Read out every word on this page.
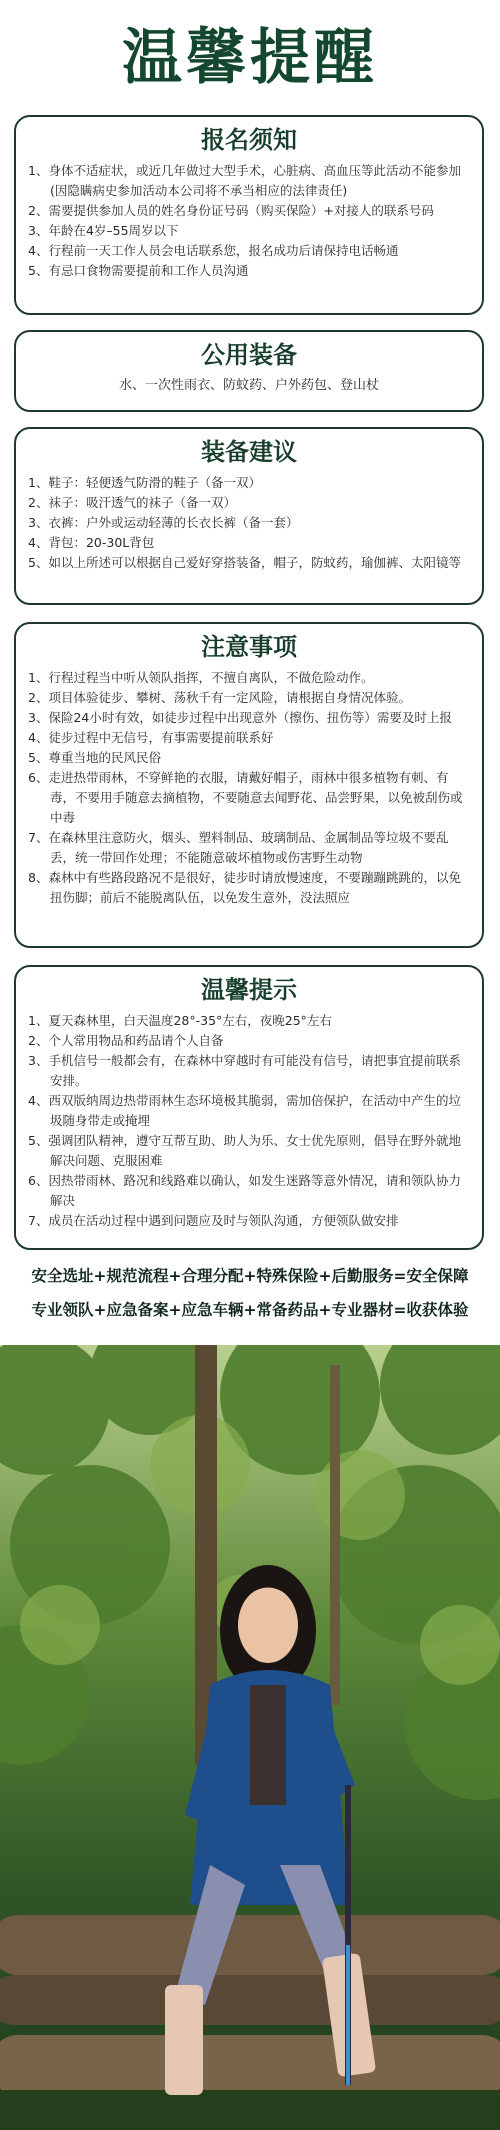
温馨提醒
报名须知
1、身体不适症状，或近几年做过大型手术，心脏病、高血压等此活动不能参加(因隐瞒病史参加活动本公司将不承当相应的法律责任)
2、需要提供参加人员的姓名身份证号码（购买保险）+对接人的联系号码
3、年龄在4岁–55周岁以下
4、行程前一天工作人员会电话联系您，报名成功后请保持电话畅通
5、有忌口食物需要提前和工作人员沟通
公用装备
水、一次性雨衣、防蚊药、户外药包、登山杖
装备建议
1、鞋子：轻便透气防滑的鞋子（备一双）
2、袜子：吸汗透气的袜子（备一双）
3、衣裤：户外或运动轻薄的长衣长裤（备一套）
4、背包：20-30L背包
5、如以上所述可以根据自己爱好穿搭装备，帽子，防蚊药，瑜伽裤、太阳镜等
注意事项
1、行程过程当中听从领队指挥，不擅自离队，不做危险动作。
2、项目体验徒步、攀树、荡秋千有一定风险，请根据自身情况体验。
3、保险24小时有效，如徒步过程中出现意外（擦伤、扭伤等）需要及时上报
4、徒步过程中无信号，有事需要提前联系好
5、尊重当地的民风民俗
6、走进热带雨林，不穿鲜艳的衣服，请戴好帽子，雨林中很多植物有刺、有毒，不要用手随意去摘植物，不要随意去闻野花、品尝野果，以免被刮伤或中毒
7、在森林里注意防火，烟头、塑料制品、玻璃制品、金属制品等垃圾不要乱丢，统一带回作处理；不能随意破坏植物或伤害野生动物
8、森林中有些路段路况不是很好，徒步时请放慢速度，不要蹦蹦跳跳的，以免扭伤脚；前后不能脱离队伍，以免发生意外，没法照应
温馨提示
1、夏天森林里，白天温度28°-35°左右，夜晚25°左右
2、个人常用物品和药品请个人自备
3、手机信号一般都会有，在森林中穿越时有可能没有信号，请把事宜提前联系安排。
4、西双版纳周边热带雨林生态环境极其脆弱，需加倍保护，在活动中产生的垃圾随身带走或掩埋
5、强调团队精神，遵守互帮互助、助人为乐、女士优先原则，倡导在野外就地解决问题、克服困难
6、因热带雨林、路况和线路难以确认，如发生迷路等意外情况，请和领队协力解决
7、成员在活动过程中遇到问题应及时与领队沟通，方便领队做安排
安全选址+规范流程+合理分配+特殊保险+后勤服务=安全保障
专业领队+应急备案+应急车辆+常备药品+专业器材=收获体验
